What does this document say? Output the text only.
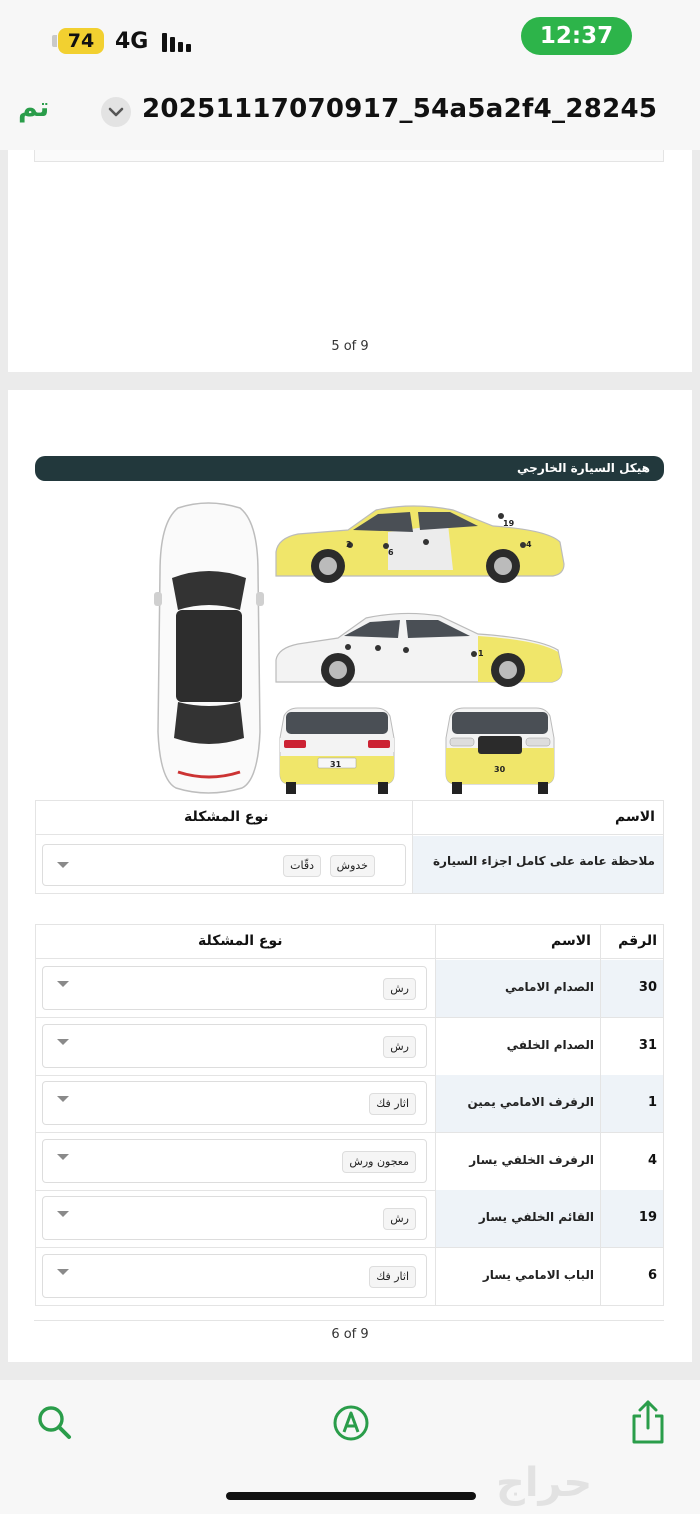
74 4G	12:37
تم	20251117070917_54a5a2f4_28245
5 of 9
هيكل السيارة الخارجي
19
4
2
6
1
31
30
الاسم
نوع المشكلة
ملاحظة عامة على كامل اجزاء السيارة
خدوش
دقّات
الرقم
الاسم
نوع المشكلة
30
الصدام الامامي
رش
31
الصدام الخلفي
رش
1
الرفرف الامامي يمين
اثار فك
4
الرفرف الخلفي يسار
معجون ورش
19
القائم الخلفي يسار
رش
6
الباب الامامي يسار
اثار فك
6 of 9
حراج
